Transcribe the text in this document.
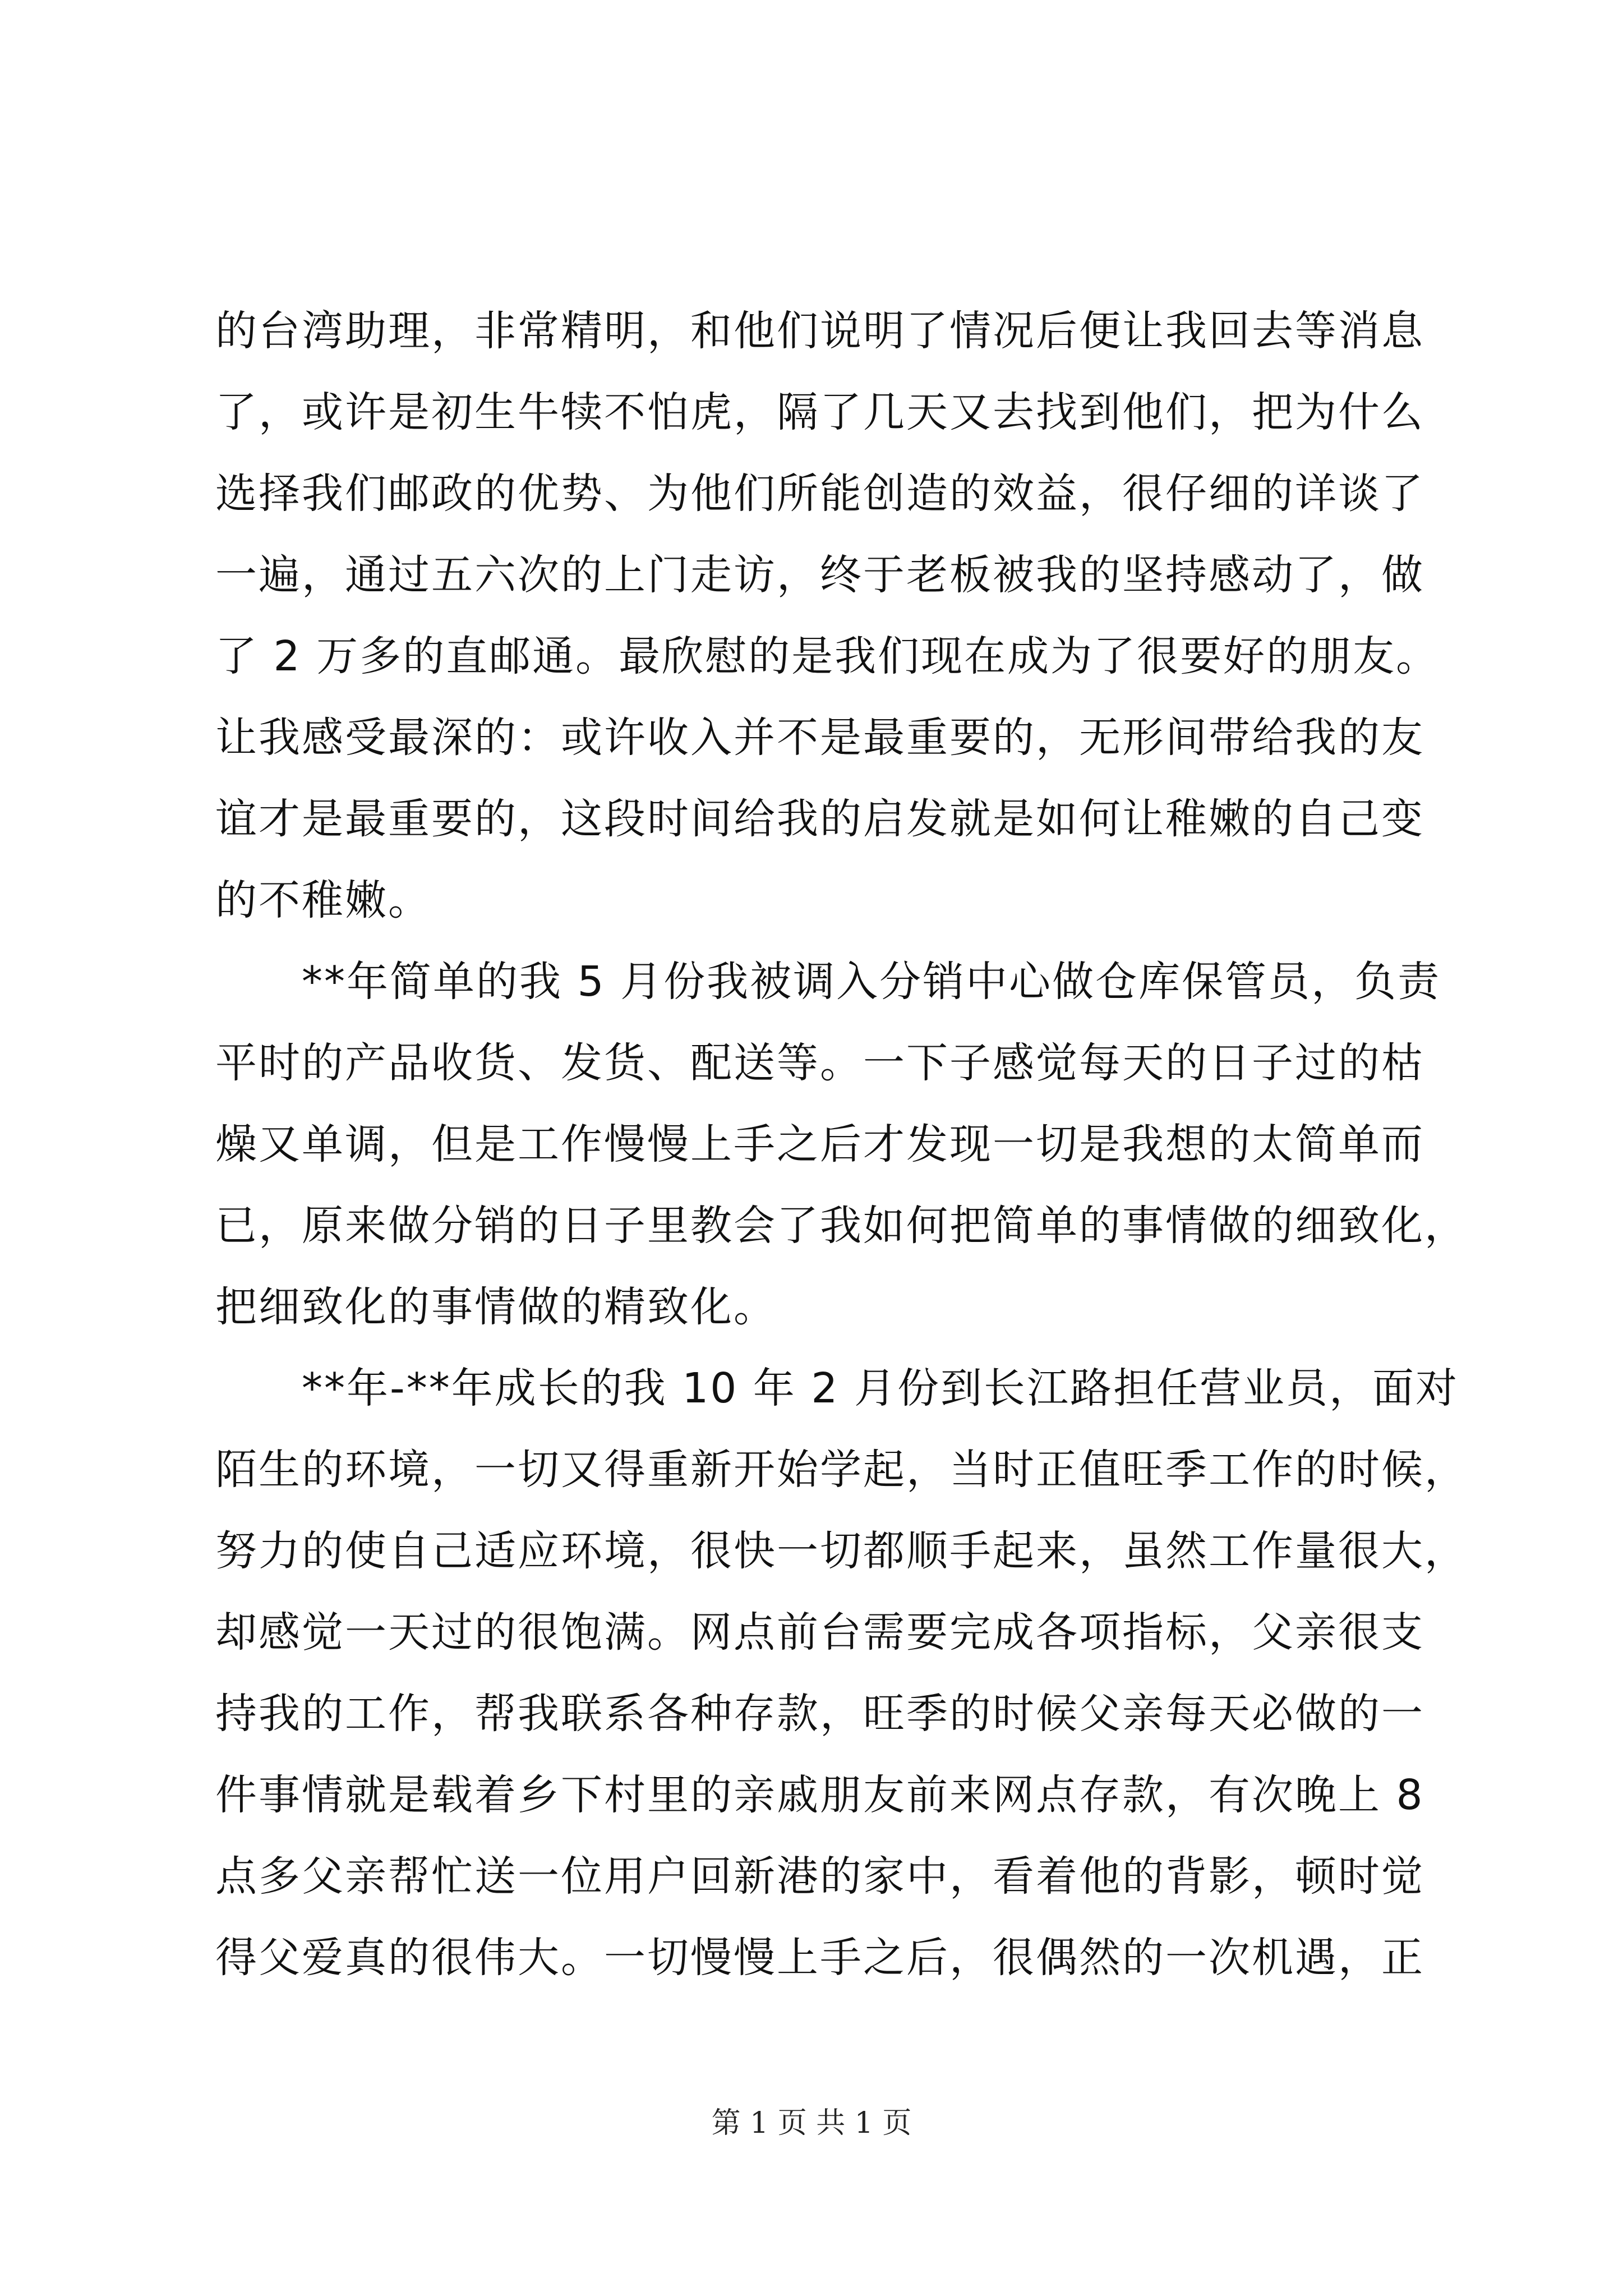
的台湾助理，非常精明，和他们说明了情况后便让我回去等消息
了，或许是初生牛犊不怕虎，隔了几天又去找到他们，把为什么
选择我们邮政的优势、为他们所能创造的效益，很仔细的详谈了
一遍，通过五六次的上门走访，终于老板被我的坚持感动了，做
了 2 万多的直邮通。最欣慰的是我们现在成为了很要好的朋友。
让我感受最深的：或许收入并不是最重要的，无形间带给我的友
谊才是最重要的，这段时间给我的启发就是如何让稚嫩的自己变
的不稚嫩。
　　**年简单的我 5 月份我被调入分销中心做仓库保管员，负责
平时的产品收货、发货、配送等。一下子感觉每天的日子过的枯
燥又单调，但是工作慢慢上手之后才发现一切是我想的太简单而
已，原来做分销的日子里教会了我如何把简单的事情做的细致化，
把细致化的事情做的精致化。
　　**年-**年成长的我 10 年 2 月份到长江路担任营业员，面对
陌生的环境，一切又得重新开始学起，当时正值旺季工作的时候，
努力的使自己适应环境，很快一切都顺手起来，虽然工作量很大，
却感觉一天过的很饱满。网点前台需要完成各项指标，父亲很支
持我的工作，帮我联系各种存款，旺季的时候父亲每天必做的一
件事情就是载着乡下村里的亲戚朋友前来网点存款，有次晚上 8
点多父亲帮忙送一位用户回新港的家中，看着他的背影，顿时觉
得父爱真的很伟大。一切慢慢上手之后，很偶然的一次机遇，正
第 1 页 共 1 页
